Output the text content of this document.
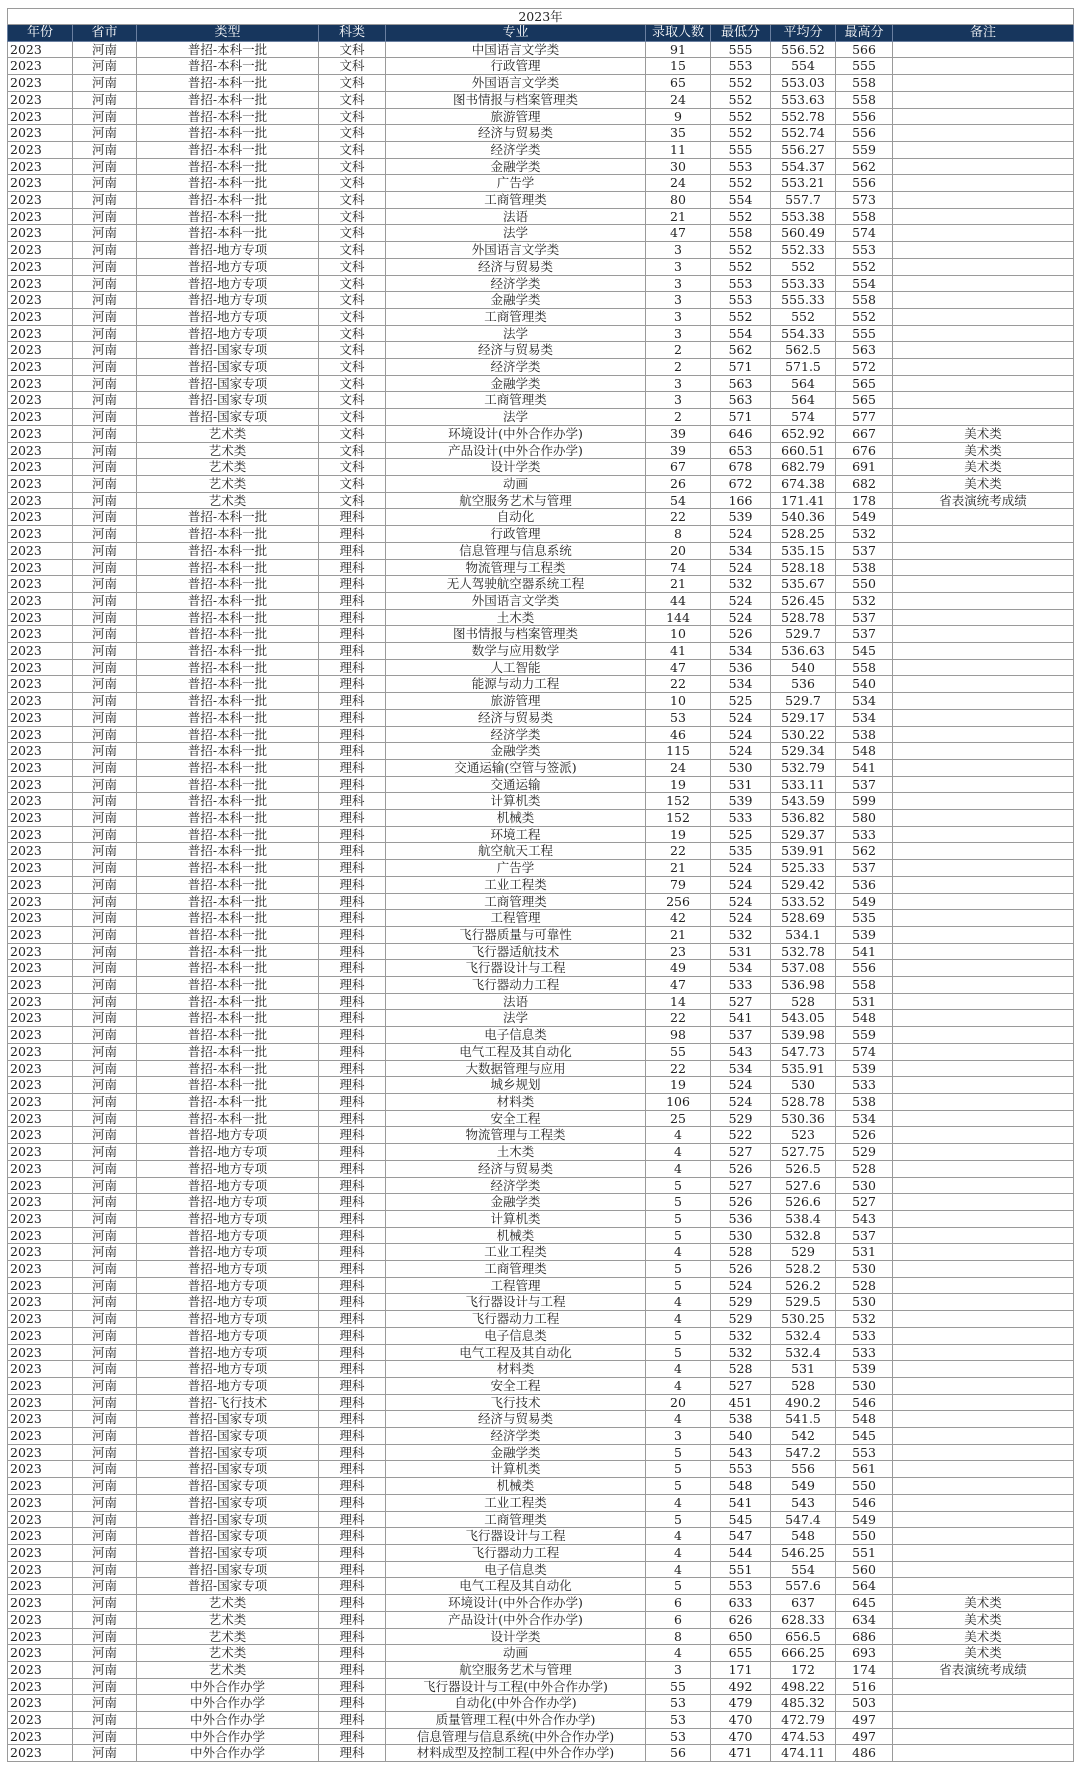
2023年									
年份	省市	类型	科类	专业	录取人数	最低分	平均分	最高分	备注
2023	河南	普招-本科一批	文科	中国语言文学类	91	555	556.52	566	
2023	河南	普招-本科一批	文科	行政管理	15	553	554	555	
2023	河南	普招-本科一批	文科	外国语言文学类	65	552	553.03	558	
2023	河南	普招-本科一批	文科	图书情报与档案管理类	24	552	553.63	558	
2023	河南	普招-本科一批	文科	旅游管理	9	552	552.78	556	
2023	河南	普招-本科一批	文科	经济与贸易类	35	552	552.74	556	
2023	河南	普招-本科一批	文科	经济学类	11	555	556.27	559	
2023	河南	普招-本科一批	文科	金融学类	30	553	554.37	562	
2023	河南	普招-本科一批	文科	广告学	24	552	553.21	556	
2023	河南	普招-本科一批	文科	工商管理类	80	554	557.7	573	
2023	河南	普招-本科一批	文科	法语	21	552	553.38	558	
2023	河南	普招-本科一批	文科	法学	47	558	560.49	574	
2023	河南	普招-地方专项	文科	外国语言文学类	3	552	552.33	553	
2023	河南	普招-地方专项	文科	经济与贸易类	3	552	552	552	
2023	河南	普招-地方专项	文科	经济学类	3	553	553.33	554	
2023	河南	普招-地方专项	文科	金融学类	3	553	555.33	558	
2023	河南	普招-地方专项	文科	工商管理类	3	552	552	552	
2023	河南	普招-地方专项	文科	法学	3	554	554.33	555	
2023	河南	普招-国家专项	文科	经济与贸易类	2	562	562.5	563	
2023	河南	普招-国家专项	文科	经济学类	2	571	571.5	572	
2023	河南	普招-国家专项	文科	金融学类	3	563	564	565	
2023	河南	普招-国家专项	文科	工商管理类	3	563	564	565	
2023	河南	普招-国家专项	文科	法学	2	571	574	577	
2023	河南	艺术类	文科	环境设计(中外合作办学)	39	646	652.92	667	美术类
2023	河南	艺术类	文科	产品设计(中外合作办学)	39	653	660.51	676	美术类
2023	河南	艺术类	文科	设计学类	67	678	682.79	691	美术类
2023	河南	艺术类	文科	动画	26	672	674.38	682	美术类
2023	河南	艺术类	文科	航空服务艺术与管理	54	166	171.41	178	省表演统考成绩
2023	河南	普招-本科一批	理科	自动化	22	539	540.36	549	
2023	河南	普招-本科一批	理科	行政管理	8	524	528.25	532	
2023	河南	普招-本科一批	理科	信息管理与信息系统	20	534	535.15	537	
2023	河南	普招-本科一批	理科	物流管理与工程类	74	524	528.18	538	
2023	河南	普招-本科一批	理科	无人驾驶航空器系统工程	21	532	535.67	550	
2023	河南	普招-本科一批	理科	外国语言文学类	44	524	526.45	532	
2023	河南	普招-本科一批	理科	土木类	144	524	528.78	537	
2023	河南	普招-本科一批	理科	图书情报与档案管理类	10	526	529.7	537	
2023	河南	普招-本科一批	理科	数学与应用数学	41	534	536.63	545	
2023	河南	普招-本科一批	理科	人工智能	47	536	540	558	
2023	河南	普招-本科一批	理科	能源与动力工程	22	534	536	540	
2023	河南	普招-本科一批	理科	旅游管理	10	525	529.7	534	
2023	河南	普招-本科一批	理科	经济与贸易类	53	524	529.17	534	
2023	河南	普招-本科一批	理科	经济学类	46	524	530.22	538	
2023	河南	普招-本科一批	理科	金融学类	115	524	529.34	548	
2023	河南	普招-本科一批	理科	交通运输(空管与签派)	24	530	532.79	541	
2023	河南	普招-本科一批	理科	交通运输	19	531	533.11	537	
2023	河南	普招-本科一批	理科	计算机类	152	539	543.59	599	
2023	河南	普招-本科一批	理科	机械类	152	533	536.82	580	
2023	河南	普招-本科一批	理科	环境工程	19	525	529.37	533	
2023	河南	普招-本科一批	理科	航空航天工程	22	535	539.91	562	
2023	河南	普招-本科一批	理科	广告学	21	524	525.33	537	
2023	河南	普招-本科一批	理科	工业工程类	79	524	529.42	536	
2023	河南	普招-本科一批	理科	工商管理类	256	524	533.52	549	
2023	河南	普招-本科一批	理科	工程管理	42	524	528.69	535	
2023	河南	普招-本科一批	理科	飞行器质量与可靠性	21	532	534.1	539	
2023	河南	普招-本科一批	理科	飞行器适航技术	23	531	532.78	541	
2023	河南	普招-本科一批	理科	飞行器设计与工程	49	534	537.08	556	
2023	河南	普招-本科一批	理科	飞行器动力工程	47	533	536.98	558	
2023	河南	普招-本科一批	理科	法语	14	527	528	531	
2023	河南	普招-本科一批	理科	法学	22	541	543.05	548	
2023	河南	普招-本科一批	理科	电子信息类	98	537	539.98	559	
2023	河南	普招-本科一批	理科	电气工程及其自动化	55	543	547.73	574	
2023	河南	普招-本科一批	理科	大数据管理与应用	22	534	535.91	539	
2023	河南	普招-本科一批	理科	城乡规划	19	524	530	533	
2023	河南	普招-本科一批	理科	材料类	106	524	528.78	538	
2023	河南	普招-本科一批	理科	安全工程	25	529	530.36	534	
2023	河南	普招-地方专项	理科	物流管理与工程类	4	522	523	526	
2023	河南	普招-地方专项	理科	土木类	4	527	527.75	529	
2023	河南	普招-地方专项	理科	经济与贸易类	4	526	526.5	528	
2023	河南	普招-地方专项	理科	经济学类	5	527	527.6	530	
2023	河南	普招-地方专项	理科	金融学类	5	526	526.6	527	
2023	河南	普招-地方专项	理科	计算机类	5	536	538.4	543	
2023	河南	普招-地方专项	理科	机械类	5	530	532.8	537	
2023	河南	普招-地方专项	理科	工业工程类	4	528	529	531	
2023	河南	普招-地方专项	理科	工商管理类	5	526	528.2	530	
2023	河南	普招-地方专项	理科	工程管理	5	524	526.2	528	
2023	河南	普招-地方专项	理科	飞行器设计与工程	4	529	529.5	530	
2023	河南	普招-地方专项	理科	飞行器动力工程	4	529	530.25	532	
2023	河南	普招-地方专项	理科	电子信息类	5	532	532.4	533	
2023	河南	普招-地方专项	理科	电气工程及其自动化	5	532	532.4	533	
2023	河南	普招-地方专项	理科	材料类	4	528	531	539	
2023	河南	普招-地方专项	理科	安全工程	4	527	528	530	
2023	河南	普招-飞行技术	理科	飞行技术	20	451	490.2	546	
2023	河南	普招-国家专项	理科	经济与贸易类	4	538	541.5	548	
2023	河南	普招-国家专项	理科	经济学类	3	540	542	545	
2023	河南	普招-国家专项	理科	金融学类	5	543	547.2	553	
2023	河南	普招-国家专项	理科	计算机类	5	553	556	561	
2023	河南	普招-国家专项	理科	机械类	5	548	549	550	
2023	河南	普招-国家专项	理科	工业工程类	4	541	543	546	
2023	河南	普招-国家专项	理科	工商管理类	5	545	547.4	549	
2023	河南	普招-国家专项	理科	飞行器设计与工程	4	547	548	550	
2023	河南	普招-国家专项	理科	飞行器动力工程	4	544	546.25	551	
2023	河南	普招-国家专项	理科	电子信息类	4	551	554	560	
2023	河南	普招-国家专项	理科	电气工程及其自动化	5	553	557.6	564	
2023	河南	艺术类	理科	环境设计(中外合作办学)	6	633	637	645	美术类
2023	河南	艺术类	理科	产品设计(中外合作办学)	6	626	628.33	634	美术类
2023	河南	艺术类	理科	设计学类	8	650	656.5	686	美术类
2023	河南	艺术类	理科	动画	4	655	666.25	693	美术类
2023	河南	艺术类	理科	航空服务艺术与管理	3	171	172	174	省表演统考成绩
2023	河南	中外合作办学	理科	飞行器设计与工程(中外合作办学)	55	492	498.22	516	
2023	河南	中外合作办学	理科	自动化(中外合作办学)	53	479	485.32	503	
2023	河南	中外合作办学	理科	质量管理工程(中外合作办学)	53	470	472.79	497	
2023	河南	中外合作办学	理科	信息管理与信息系统(中外合作办学)	53	470	474.53	497	
2023	河南	中外合作办学	理科	材料成型及控制工程(中外合作办学)	56	471	474.11	486	
